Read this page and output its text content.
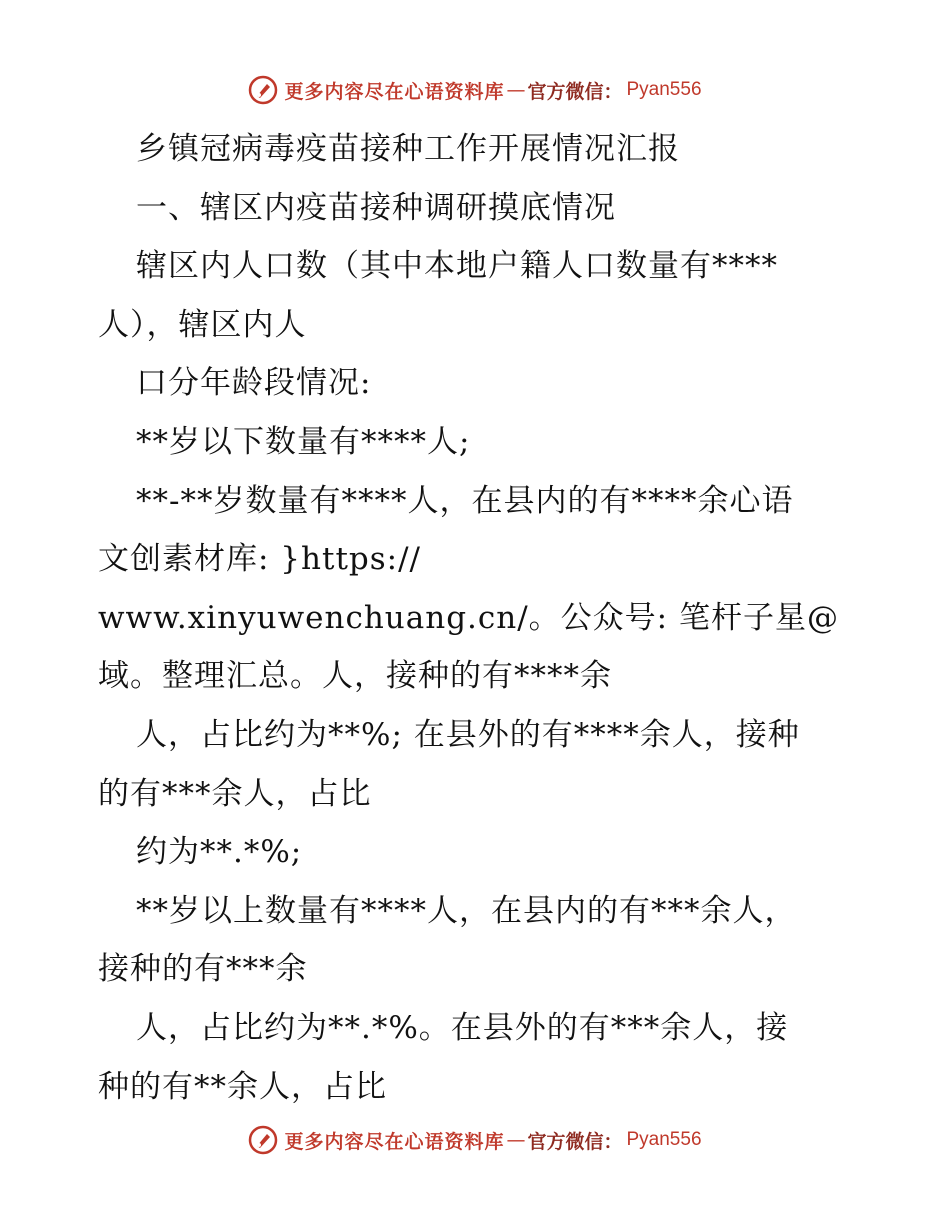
更多内容尽在心语资料库 — 官方微信： Pyan556
乡镇冠病毒疫苗接种工作开展情况汇报
一、辖区内疫苗接种调研摸底情况
辖区内人口数（其中本地户籍人口数量有****
人），辖区内人
口分年龄段情况:
**岁以下数量有****人;
**-**岁数量有****人，在县内的有****余心语
文创素材库: }https://
www.xinyuwenchuang.cn/。公众号: 笔杆子星@
域。整理汇总。人，接种的有****余
人，占比约为**%; 在县外的有****余人，接种
的有***余人，占比
约为**.*%;
**岁以上数量有****人，在县内的有***余人，
接种的有***余
人，占比约为**.*%。在县外的有***余人，接
种的有**余人，占比
更多内容尽在心语资料库 — 官方微信： Pyan556
